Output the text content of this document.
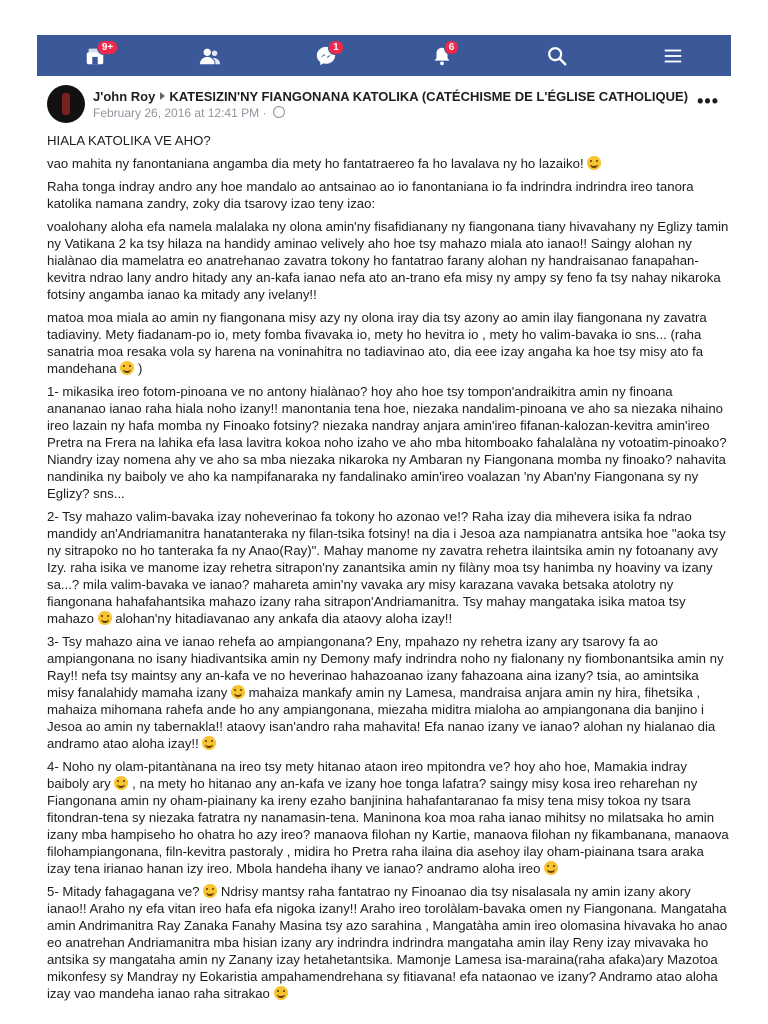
9+	1	6
J'ohn Roy KATESIZIN'NY FIANGONANA KATOLIKA (CATÉCHISME DE L'ÉGLISE CATHOLIQUE)
February 26, 2016 at 12:41 PM ·
•••

HIALA KATOLIKA VE AHO?

vao mahita ny fanontaniana angamba dia mety ho fantatraereo fa ho lavalava ny ho lazaiko!

Raha tonga indray andro any hoe mandalo ao antsainao ao io fanontaniana io fa indrindra indrindra ireo tanora katolika namana zandry, zoky dia tsarovy izao teny izao:

voalohany aloha efa namela malalaka ny olona amin'ny fisafidianany ny fiangonana tiany hivavahany ny Eglizy tamin ny Vatikana 2 ka tsy hilaza na handidy aminao velively aho hoe tsy mahazo miala ato ianao!! Saingy alohan ny hialànao dia mamelatra eo anatrehanao zavatra tokony ho fantatrao farany alohan ny handraisanao fanapahan-kevitra ndrao lany andro hitady any an-kafa ianao nefa ato an-trano efa misy ny ampy sy feno fa tsy nahay nikaroka fotsiny angamba ianao ka mitady any ivelany!!

matoa moa miala ao amin ny fiangonana misy azy ny olona iray dia tsy azony ao amin ilay fiangonana ny zavatra tadiaviny. Mety fiadanam-po io, mety fomba fivavaka io, mety ho hevitra io , mety ho valim-bavaka io sns... (raha sanatria moa resaka vola sy harena na voninahitra no tadiavinao ato, dia eee izay angaha ka hoe tsy misy ato fa mandehana )

1- mikasika ireo fotom-pinoana ve no antony hialànao? hoy aho hoe tsy tompon'andraikitra amin ny finoana anananao ianao raha hiala noho izany!! manontania tena hoe, niezaka nandalim-pinoana ve aho sa niezaka nihaino ireo lazain ny hafa momba ny Finoako fotsiny? niezaka nandray anjara amin'ireo fifanan-kalozan-kevitra amin'ireo Pretra na Frera na lahika efa lasa lavitra kokoa noho izaho ve aho mba hitomboako fahalalàna ny votoatim-pinoako? Niandry izay nomena ahy ve aho sa mba niezaka nikaroka ny Ambaran ny Fiangonana momba ny finoako? nahavita nandinika ny baiboly ve aho ka nampifanaraka ny fandalinako amin'ireo voalazan 'ny Aban'ny Fiangonana sy ny Eglizy? sns...

2- Tsy mahazo valim-bavaka izay noheverinao fa tokony ho azonao ve!? Raha izay dia mihevera isika fa ndrao mandidy an'Andriamanitra hanatanteraka ny filan-tsika fotsiny! na dia i Jesoa aza nampianatra antsika hoe "aoka tsy ny sitrapoko no ho tanteraka fa ny Anao(Ray)". Mahay manome ny zavatra rehetra ilaintsika amin ny fotoanany avy Izy. raha isika ve manome izay rehetra sitrapon'ny zanantsika amin ny filàny moa tsy hanimba ny hoaviny va izany sa...? mila valim-bavaka ve ianao? mahareta amin'ny vavaka ary misy karazana vavaka betsaka atolotry ny fiangonana hahafahantsika mahazo izany raha sitrapon'Andriamanitra. Tsy mahay mangataka isika matoa tsy mahazo alohan'ny hitadiavanao any ankafa dia ataovy aloha izay!!

3- Tsy mahazo aina ve ianao rehefa ao ampiangonana? Eny, mpahazo ny rehetra izany ary tsarovy fa ao ampiangonana no isany hiadivantsika amin ny Demony mafy indrindra noho ny fialonany ny fiombonantsika amin ny Ray!! nefa tsy maintsy any an-kafa ve no heverinao hahazoanao izany fahazoana aina izany? tsia, ao amintsika misy fanalahidy mamaha izany mahaiza mankafy amin ny Lamesa, mandraisa anjara amin ny hira, fihetsika , mahaiza mihomana rahefa ande ho any ampiangonana, miezaha miditra mialoha ao ampiangonana dia banjino i Jesoa ao amin ny tabernakla!! ataovy isan'andro raha mahavita! Efa nanao izany ve ianao? alohan ny hialanao dia andramo atao aloha izay!!

4- Noho ny olam-pitantànana na ireo tsy mety hitanao ataon ireo mpitondra ve? hoy aho hoe, Mamakia indray baiboly ary , na mety ho hitanao any an-kafa ve izany hoe tonga lafatra? saingy misy kosa ireo reharehan ny Fiangonana amin ny oham-piainany ka ireny ezaho banjinina hahafantaranao fa misy tena misy tokoa ny tsara fitondran-tena sy niezaka fatratra ny nanamasin-tena. Maninona koa moa raha ianao mihitsy no milatsaka ho amin izany mba hampiseho ho ohatra ho azy ireo? manaova filohan ny Kartie, manaova filohan ny fikambanana, manaova filohampiangonana, filn-kevitra pastoraly , midira ho Pretra raha ilaina dia asehoy ilay oham-piainana tsara araka izay tena irianao hanan izy ireo. Mbola handeha ihany ve ianao? andramo aloha ireo

5- Mitady fahagagana ve? Ndrisy mantsy raha fantatrao ny Finoanao dia tsy nisalasala ny amin izany akory ianao!! Araho ny efa vitan ireo hafa efa nigoka izany!! Araho ireo torolàlam-bavaka omen ny Fiangonana. Mangataha amin Andrimanitra Ray Zanaka Fanahy Masina tsy azo sarahina , Mangatàha amin ireo olomasina hivavaka ho anao eo anatrehan Andriamanitra mba hisian izany ary indrindra indrindra mangataha amin ilay Reny izay mivavaka ho antsika sy mangataha amin ny Zanany izay hetahetantsika. Mamonje Lamesa isa-maraina(raha afaka)ary Mazotoa mikonfesy sy Mandray ny Eokaristia ampahamendrehana sy fitiavana! efa nataonao ve izany? Andramo atao aloha izay vao mandeha ianao raha sitrakao
